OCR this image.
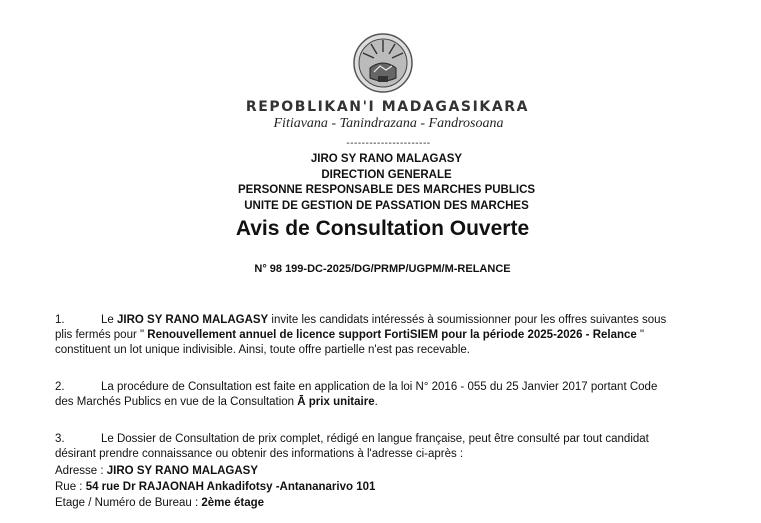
REPOBLIKAN'I MADAGASIKARA
Fitiavana - Tanindrazana - Fandrosoana
----------------------
JIRO SY RANO MALAGASY
DIRECTION GENERALE
PERSONNE RESPONSABLE DES MARCHES PUBLICS
UNITE DE GESTION DE PASSATION DES MARCHES
Avis de Consultation Ouverte
N° 98 199-DC-2025/DG/PRMP/UGPM/M-RELANCE
1.	Le JIRO SY RANO MALAGASY invite les candidats intéressés à soumissionner pour les offres suivantes sous
plis fermés pour " Renouvellement annuel de licence support FortiSIEM pour la période 2025-2026 - Relance "
constituent un lot unique indivisible. Ainsi, toute offre partielle n'est pas recevable.
2.	La procédure de Consultation est faite en application de la loi N° 2016 - 055 du 25 Janvier 2017 portant Code
des Marchés Publics en vue de la Consultation Ā prix unitaire.
3.	Le Dossier de Consultation de prix complet, rédigé en langue française, peut être consulté par tout candidat
désirant prendre connaissance ou obtenir des informations à l'adresse ci-après :
Adresse : JIRO SY RANO MALAGASY
Rue : 54 rue Dr RAJAONAH Ankadifotsy -Antananarivo 101
Etage / Numéro de Bureau : 2ème étage
